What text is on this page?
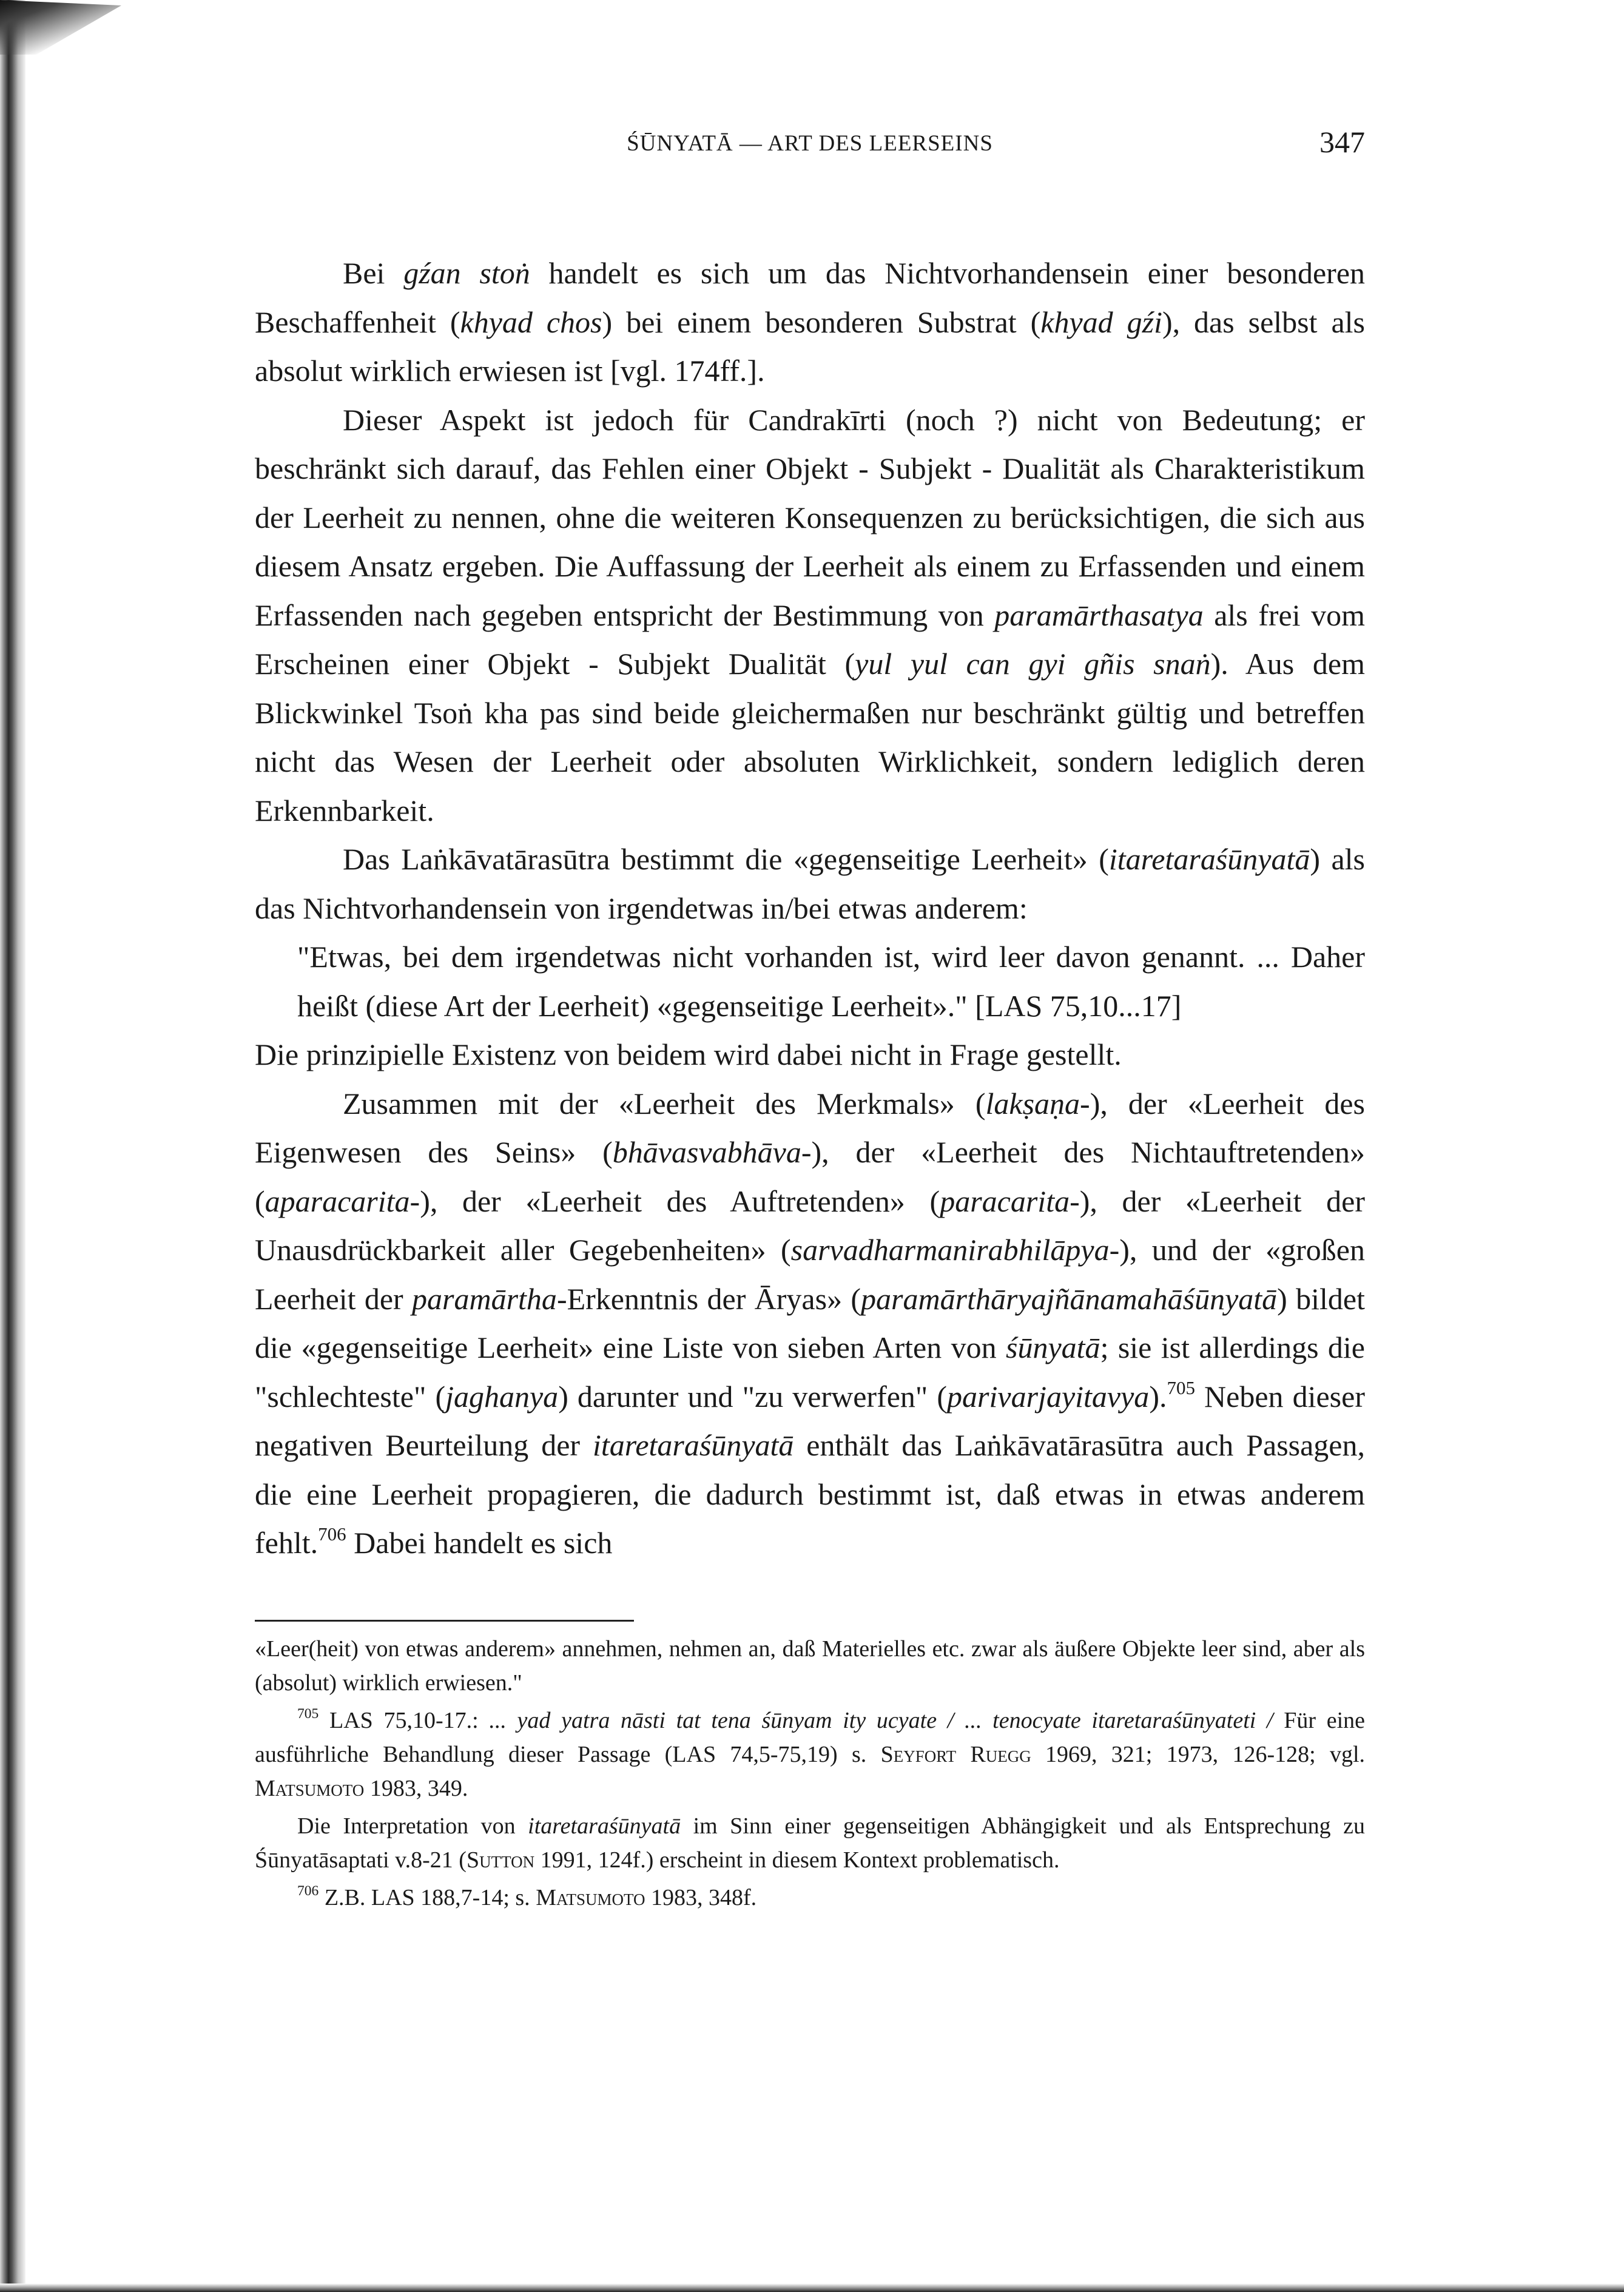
ŚŪNYATĀ — ART DES LEERSEINS	347

Bei gźan stoṅ handelt es sich um das Nichtvorhandensein einer besonderen Beschaffenheit (khyad chos) bei einem besonderen Substrat (khyad gźi), das selbst als absolut wirklich erwiesen ist [vgl. 174ff.].

Dieser Aspekt ist jedoch für Candrakīrti (noch ?) nicht von Bedeutung; er beschränkt sich darauf, das Fehlen einer Objekt - Subjekt - Dualität als Charakteristikum der Leerheit zu nennen, ohne die weiteren Konsequenzen zu berücksichtigen, die sich aus diesem Ansatz ergeben. Die Auffassung der Leerheit als einem zu Erfassenden und einem Erfassenden nach gegeben entspricht der Bestimmung von paramārthasatya als frei vom Erscheinen einer Objekt - Subjekt Dualität (yul yul can gyi gñis snaṅ). Aus dem Blickwinkel Tsoṅ kha pas sind beide gleichermaßen nur beschränkt gültig und betreffen nicht das Wesen der Leerheit oder absoluten Wirklichkeit, sondern lediglich deren Erkennbarkeit.

Das Laṅkāvatārasūtra bestimmt die «gegenseitige Leerheit» (itaretaraśūnyatā) als das Nichtvorhandensein von irgendetwas in/bei etwas anderem:

"Etwas, bei dem irgendetwas nicht vorhanden ist, wird leer davon genannt. ... Daher heißt (diese Art der Leerheit) «gegenseitige Leerheit»." [LAS 75,10...17]

Die prinzipielle Existenz von beidem wird dabei nicht in Frage gestellt.

Zusammen mit der «Leerheit des Merkmals» (lakṣaṇa-), der «Leerheit des Eigenwesen des Seins» (bhāvasvabhāva-), der «Leerheit des Nichtauftretenden» (aparacarita-), der «Leerheit des Auftretenden» (paracarita-), der «Leerheit der Unausdrückbarkeit aller Gegebenheiten» (sarvadharmanirabhilāpya-), und der «großen Leerheit der paramārtha-Erkenntnis der Āryas» (paramārthāryajñānamahāśūnyatā) bildet die «gegenseitige Leerheit» eine Liste von sieben Arten von śūnyatā; sie ist allerdings die "schlechteste" (jaghanya) darunter und "zu verwerfen" (parivarjayitavya).$^{705}$ Neben dieser negativen Beurteilung der itaretaraśūnyatā enthält das Laṅkāvatārasūtra auch Passagen, die eine Leerheit propagieren, die dadurch bestimmt ist, daß etwas in etwas anderem fehlt.$^{706}$ Dabei handelt es sich

«Leer(heit) von etwas anderem» annehmen, nehmen an, daß Materielles etc. zwar als äußere Objekte leer sind, aber als (absolut) wirklich erwiesen."

$^{705}$ LAS 75,10-17.: ... yad yatra nāsti tat tena śūnyam ity ucyate / ... tenocyate itaretaraśūnyateti / Für eine ausführliche Behandlung dieser Passage (LAS 74,5-75,19) s. Seyfort Ruegg 1969, 321; 1973, 126-128; vgl. Matsumoto 1983, 349.

Die Interpretation von itaretaraśūnyatā im Sinn einer gegenseitigen Abhängigkeit und als Entsprechung zu Śūnyatāsaptati v.8-21 (Sutton 1991, 124f.) erscheint in diesem Kontext problematisch.

$^{706}$ Z.B. LAS 188,7-14; s. Matsumoto 1983, 348f.
